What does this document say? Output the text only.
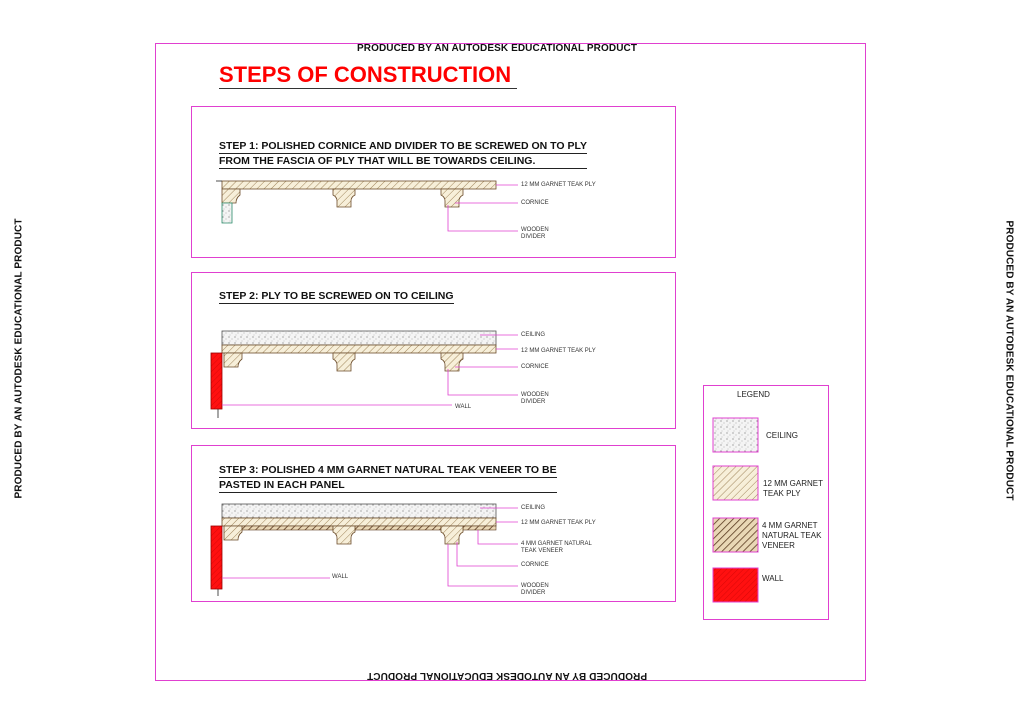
PRODUCED BY AN AUTODESK EDUCATIONAL PRODUCT
PRODUCED BY AN AUTODESK EDUCATIONAL PRODUCT
PRODUCED BY AN AUTODESK EDUCATIONAL PRODUCT	PRODUCED BY AN AUTODESK EDUCATIONAL PRODUCT
STEPS OF CONSTRUCTION
STEP 1: POLISHED CORNICE AND DIVIDER TO BE SCREWED ON TO PLY
FROM THE FASCIA OF PLY THAT WILL BE TOWARDS CEILING.
STEP 2: PLY TO BE SCREWED ON TO CEILING
STEP 3: POLISHED 4 MM GARNET NATURAL TEAK VENEER TO BE
PASTED IN EACH PANEL
12 MM GARNET TEAK PLY
CORNICE
WOODEN
DIVIDER
CEILING
12 MM GARNET TEAK PLY
CORNICE
WOODEN
DIVIDER
WALL
CEILING
12 MM GARNET TEAK PLY
4 MM GARNET NATURAL
TEAK VENEER
CORNICE
WALL
WOODEN
DIVIDER
LEGEND
CEILING
12 MM GARNET
TEAK PLY
4 MM GARNET
NATURAL TEAK
VENEER
WALL
